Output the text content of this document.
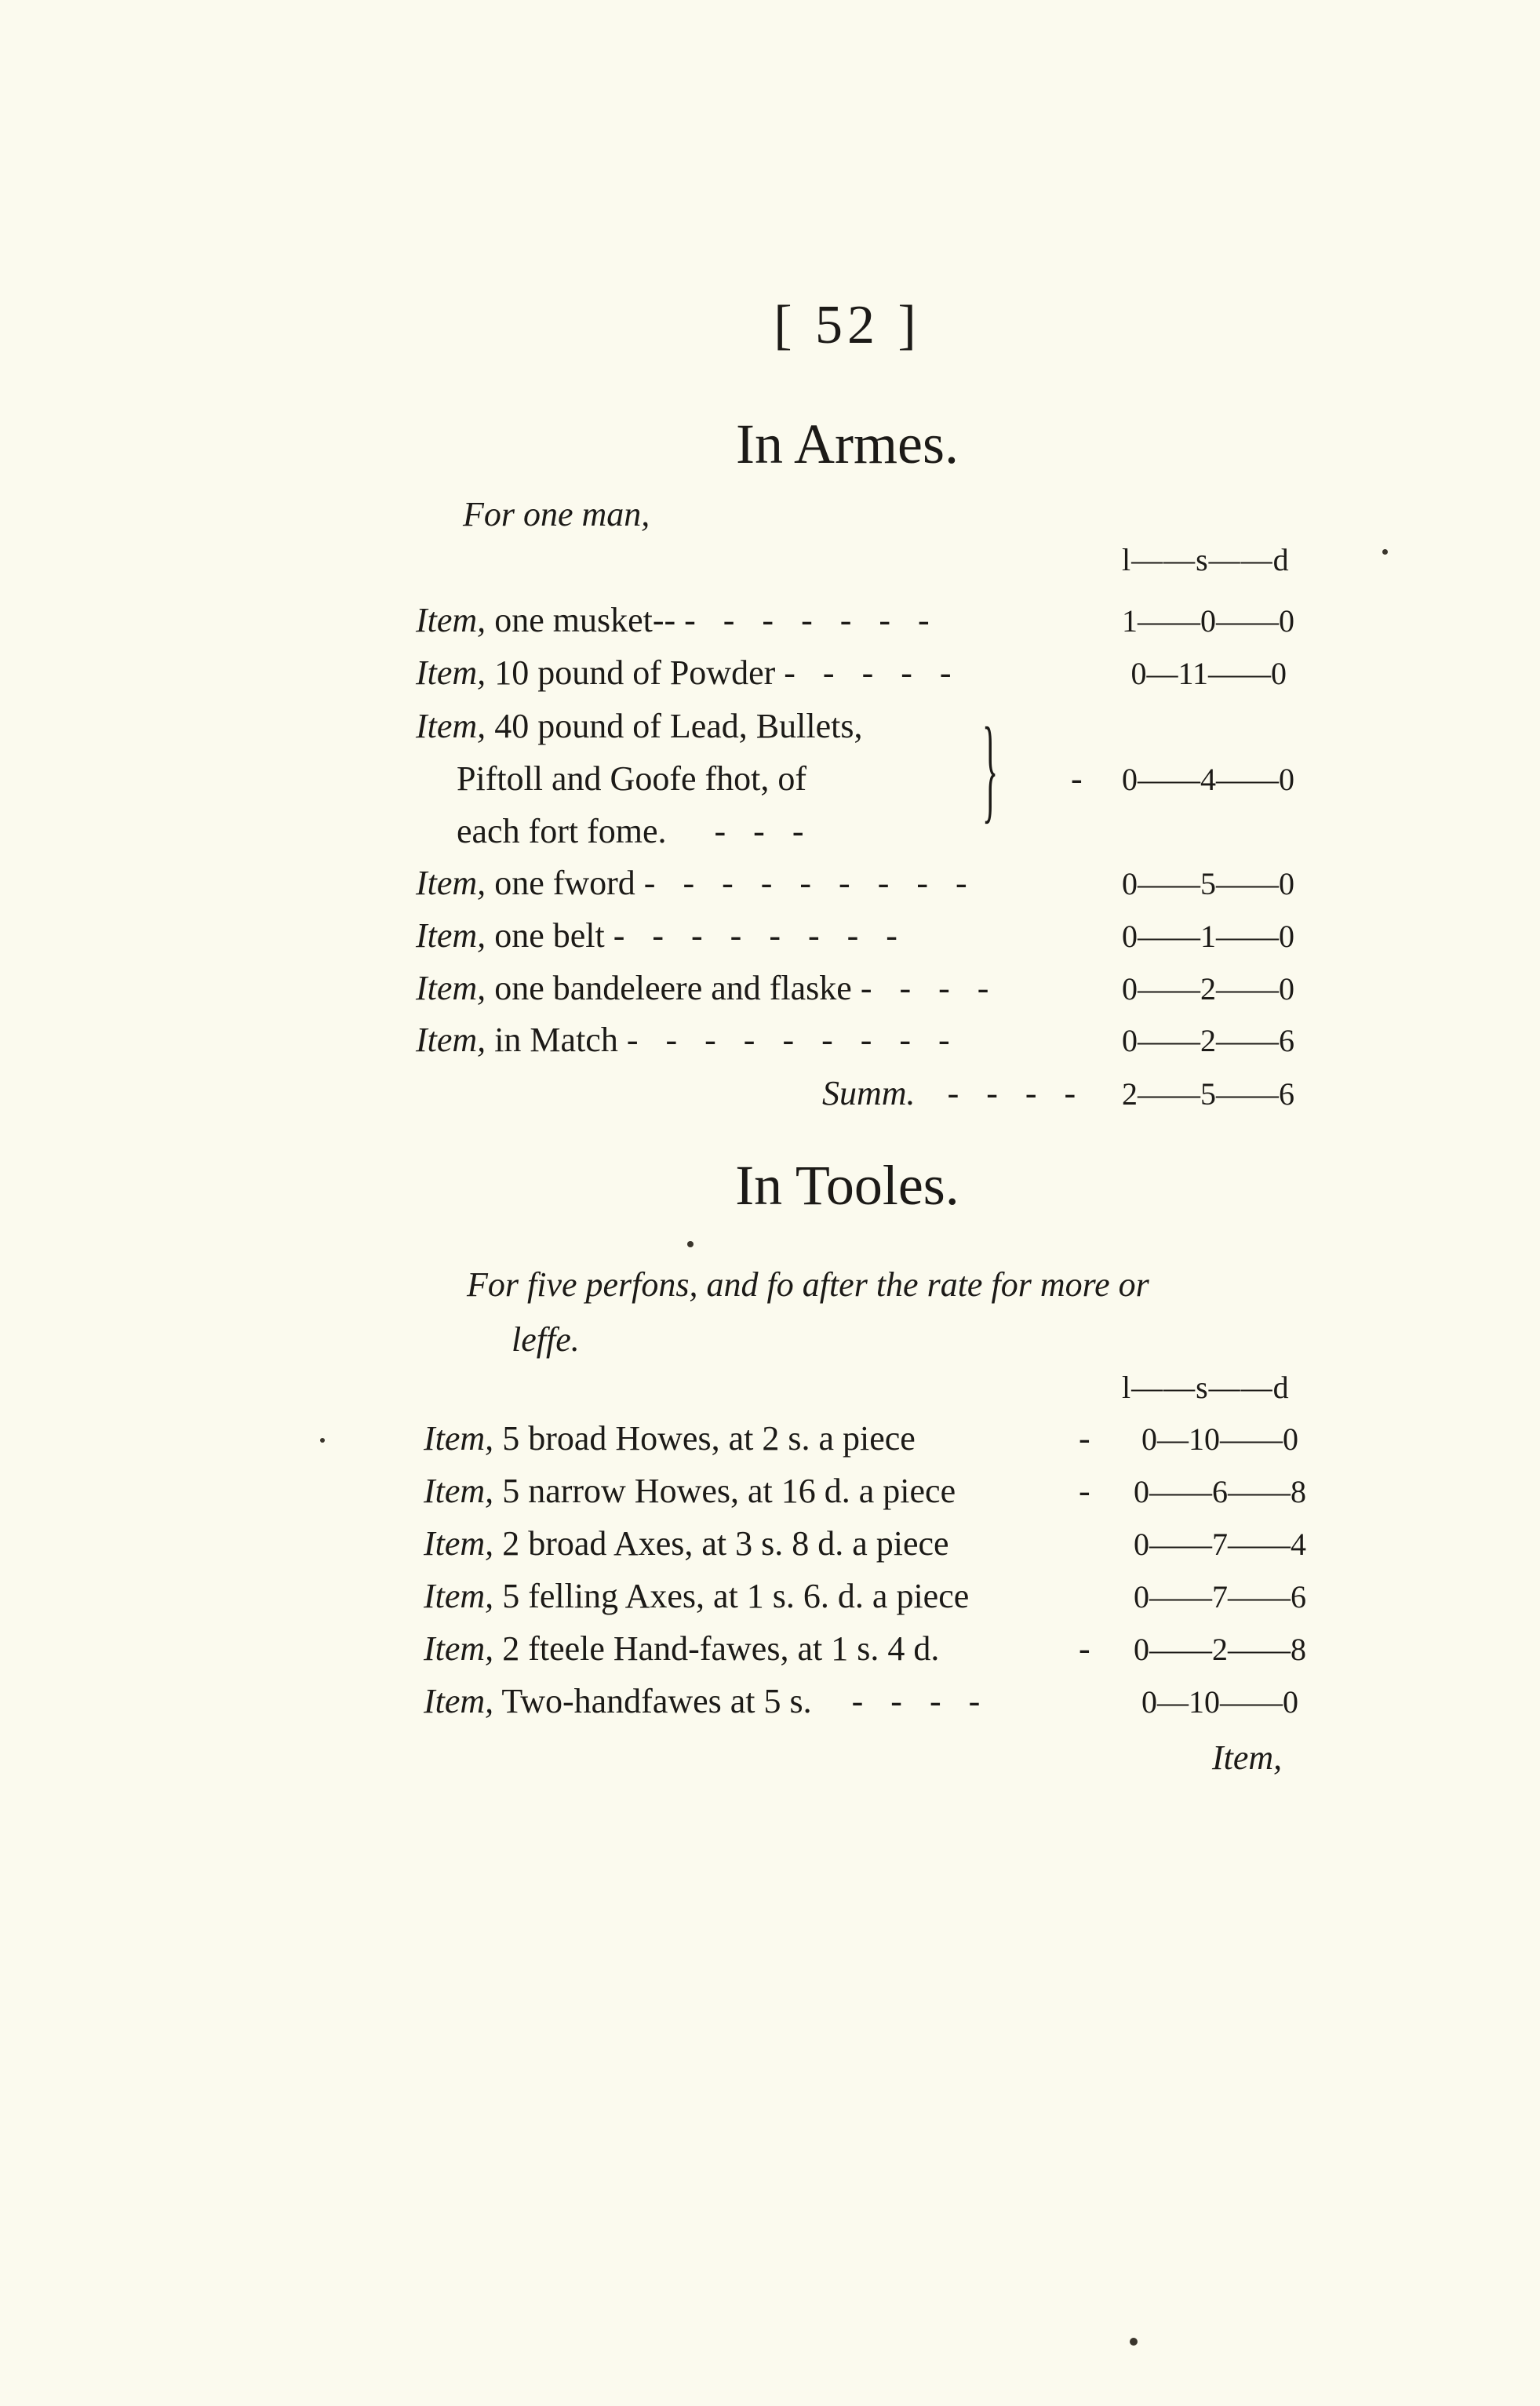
[ 52 ]
In Armes.
For one man,
l——s——d
Item, one musket-- - - - - - - -	1——0——0
Item, 10 pound of Powder - - - - -	0—11——0
Item, 40 pound of Lead, Bullets,
Piftoll and Goofe fhot, of
each fort fome. - - - } - 0——4——0
Item, one fword - - - - - - - - -	0——5——0
Item, one belt - - - - - - - -	0——1——0
Item, one bandeleere and flaske - - - -	0——2——0
Item, in Match - - - - - - - - -	0——2——6
Summ. - - - - 2——5——6
In Tooles.
For five perfons, and fo after the rate for more or
leffe.
l——s——d
Item, 5 broad Howes, at 2 s. a piece	- 0—10——0
Item, 5 narrow Howes, at 16 d. a piece	- 0——6——8
Item, 2 broad Axes, at 3 s. 8 d. a piece	0——7——4
Item, 5 felling Axes, at 1 s. 6. d. a piece	0——7——6
Item, 2 fteele Hand-fawes, at 1 s. 4 d.	- 0——2——8
Item, Two-handfawes at 5 s. - - - -	0—10——0
Item,
